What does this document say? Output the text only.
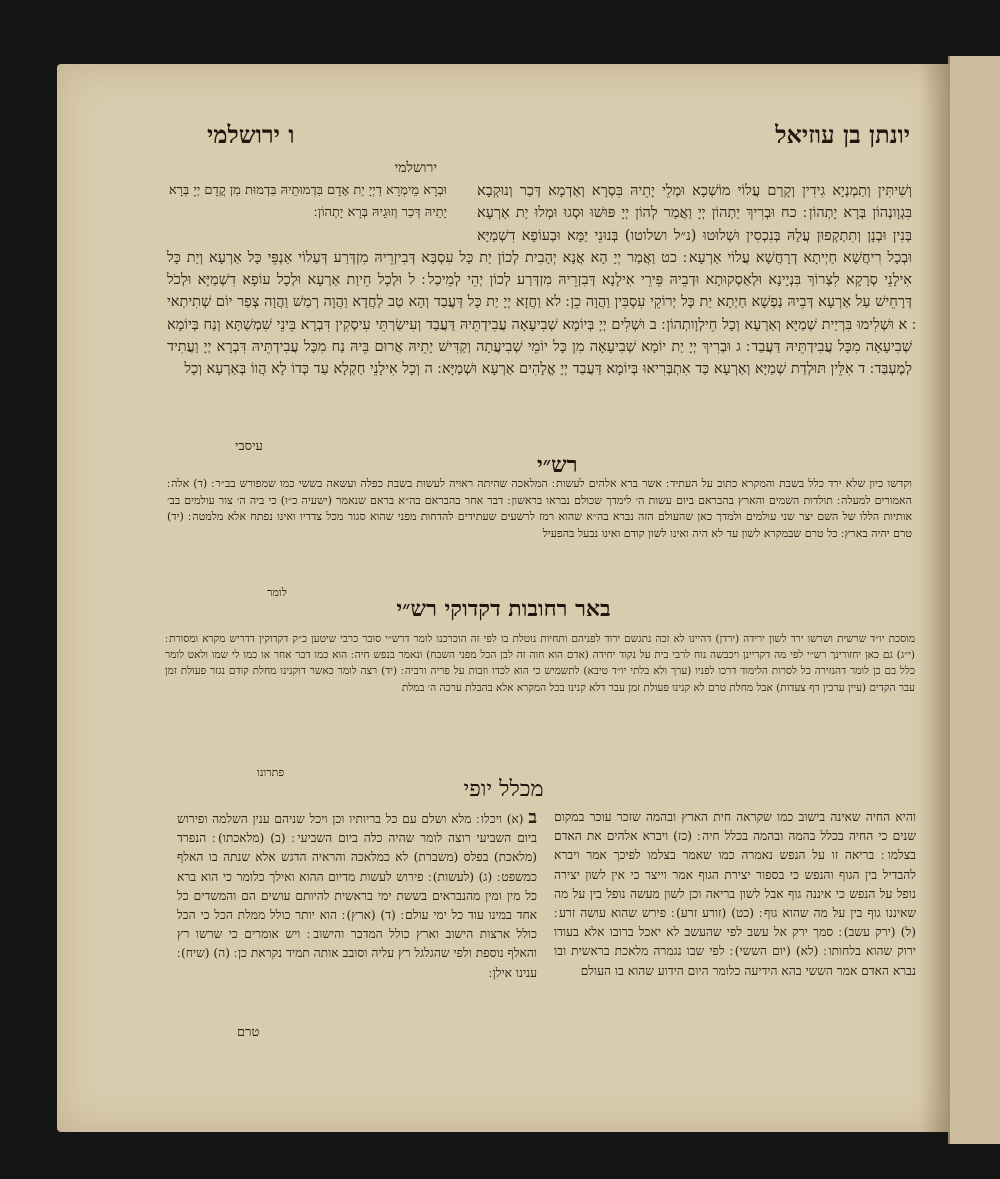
יונתן בן עוזיאל
ו ירושלמי
וְשִׁיתִּין וְתַמְנְיָא גִידִין וְקָרַם עֲלוֹי מוֹשְׁכָא וּמְלֵי יָתֵיהּ בִּסְרָא וְאַדְמָא דְּכַר וְנוּקְבָא בִּגְוָונְהוֹן בְּרָא יָתְהוֹן ׃ כח וּבְרִיךְ יַתְהוֹן יְיָ וַאֲמַר לְהוֹן יְיָ פּוּשׁוּ וּסְגוּ וּמְלוּ יַת אַרְעָא בְּנִין וּבְנָן וְתִתְקְפוּן עֲלָהּ בְּנִכְסִין וּשְׁלוּטוּ (נ״ל ושלוטו) בְּנוּנֵי יַמָּא וּבְעוֹפָא דִשְׁמַיָּא וּבְכָל רִיחֲשָׁא חַיְיתָא דְרָחֲשָׁא עֲלוֹי אַרְעָא ׃ כט וַאֲמַר יְיָ הָא אֲנָא יְהָבִית לְכוֹן יַת כָּל עִסְבָּא דְּבִיזְרֵיהּ מִזְדְּרַע דְּעַלוֹי אַנְפֵּי כָּל אַרְעָא וְיַת כָּל אִילָנֵי סְרָקָא לִצְרוֹךְ בִּנְיָינָא וּלְאַסְקוּתָא וּדְבֵיהּ פֵּירֵי אִילָנָא דְּבִזְרֵיהּ מִזְדְּרַע לְכוֹן יְהֵי לְמֵיכַל ׃ ל וּלְכָל חֵיוַת אַרְעָא וּלְכָל עוֹפָא דִשְׁמַיָּא וּלְכֹל דְּרָחֵישׁ עַל אַרְעָא דְּבֵיהּ נַפְשָׁא חַיְתָא יַת כָּל יְרוֹקֵי עִסְבִּין וַהֲוָה כֵן ׃ לא וַחֲזָא יְיָ יַת כָּל דַּעֲבַד וְהָא טַב לַחֲדָא וַהֲוָה רְמַשׁ וַהֲוָה צְפַר יוֹם שְׁתִיתַאי ׃ א וּשְׁלִימוּ בִּרְיַית שְׁמַיָּא וְאַרְעָא וְכָל חֵילְוָותְהוֹן ׃ ב וּשְׁלִים יְיָ בְּיוֹמָא שְׁבִיעָאָה עֲבִידְתֵּיהּ דַּעֲבַד וְעִישַׂרְתֵּי עִיסְקִין דִּבְרָא בֵּינֵי שִׁמְשַׁתָּא וְנַח בְּיוֹמָא שְׁבִיעָאָה מִכָּל עֲבִידְתֵּיהּ דַּעֲבַד ׃ ג וּבְרִיךְ יְיָ יַת יוֹמָא שְׁבִיעָאָה מִן כָּל יוֹמֵי שְׁבִיעֲתָה וְקַדִּישׁ יָתֵיהּ אֲרוּם בֵּיהּ נַח מִכָּל עֲבִידְתֵּיהּ דִּבְרָא יְיָ וַעֲתִיד לְמֶעְבַּד ׃ ד אִלֵּין תּוּלְדַת שְׁמַיָּא וְאַרְעָא כַּד אִתְבְּרִיאוּ בְּיוֹמָא דַּעֲבַד יְיָ אֱלָהִים אַרְעָא וּשְׁמַיָּא ׃ ה וְכָל אִילָנֵי חַקְלָא עַד כְּדוֹ לָא הֲווֹ בְּאַרְעָא וְכָל
עיסבי
רש״י
וקדשו כיון שלא ירד כלל בשבת והמקרא כתוב על העתיד ׃ אשר ברא אלהים לעשות ׃ המלאכה שהיתה ראויה לעשות בשבת כפלה ועשאה בששי כמו שמפורש בב״ר ׃ (ד) אלה ׃ האמורים למעלה ׃ תולדות השמים והארץ בהבראם ביום עשות ה׳ לימדך שכולם נבראו בראשון ׃ דבר אחר בהבראם בה״א בראם שנאמר (ישעיה כ״ו) כי ביה ה׳ צור עולמים בב׳ אותיות הללו של השם יצר שני עולמים ולמדך כאן שהעולם הזה נברא בה״א שהוא רמז לרשעים שעתידים להדחות מפני שהוא סגור מכל צדדיו ואינו נפתח אלא מלמטה ׃ (יד) טרם יהיה בארץ ׃ כל טרם שבמקרא לשון עד לא היה ואינו לשון קודם ואינו נבעל בהפעיל
לומר
באר רחובות דקדוקי רש״י
מוסכת יו״ד שרשית ושרשו ירד לשון ירידה (ירדן) דהיינו לא זכה נתגשם ירוד לפניהם ותחיות נוטלת בו לפי זה הוכרכנו לומר דרש״י סובר כרבי שיטען כ״ק דקדוקין דדריש מקרא ומסורת ׃ (י״ג) גם כאן יחזורינך רש״י לפי מה דקריינן ויכבשה נוח לרבי בית על נקוד יחידה (אדם הוא חוה זה לבן הכל מפני השבח) ונאמר בנפש חיה ׃ הוא כמו דבר אחר או כמו לי שמו ולאט לומר כלל בם כן לומר דהגזירה כל לסרות הלימוד דרכו לפניו (ערך ולא בלתי יו״ד טיבא) לתשמיש כי הוא לכדו וזבות על פריה ורביה ׃ (יד) רצה לומר כאשר דוקנינו מחלת קודם נגזר פעולת זמן עבר הקדים (עיין ערכין דף צעדות) אבל מחלת טרם לא קנינו פעולת זמן עבר דלא קנינו בכל המקרא אלא בהבלת ערכה ה׳ במלת
פתרונו
מכלל יופי
והיא החיה שאינה בישוב כמו שקראה חית הארץ ובהמה שזכר עוכר במקום שנים כי החיה בכלל בהמה ובהמה בכלל חיה ׃ (כז) ויברא אלהים את האדם בצלמו ׃ בריאה זו על הנפש נאמרה כמו שאמר בצלמו לפיכך אמר ויברא להבדיל בין הגוף והנפש כי בספור יצירת הגוף אמר וייצר כי אין לשון יצירה נופל על הנפש כי איננה גוף אבל לשון בריאה וכן לשון מעשה נופל בין על מה שאיננו גוף בין על מה שהוא גוף ׃ (כט) (זורע זרע) ׃ פירש שהוא עושה זרע ׃ (ל) (ירק עשב) ׃ סמך ירק אל עשב לפי שהעשב לא יאכל ברובו אלא בעודו ירוק שהוא בלחותו ׃ (לא) (יום הששי) ׃ לפי שבו נגמרה מלאכת בראשית ובו נברא האדם אמר הששי בהא הידיעה כלומר היום הידוע שהוא בו העולם
ב (א) ויכלו ׃ מלא ושלם עם כל בריותיו וכן ויכל שניהם ענין השלמה ופירוש ביום השביעי רוצה לומר שהיה כלה ביום השביעי ׃ (ב) (מלאכתו) ׃ הנפרד (מלאכת) בפלס (משברת) לא כמלאכה והראיה הדגש אלא שנתה בו האלף כמשפט ׃ (ג) (לעשות) ׃ פירוש לעשות מדיום ההוא ואילך כלומר כי הוא ברא כל מין ומין מהנבראים בששת ימי בראשית להיותם עושים הם והמשדים כל אחד במינו עוד כל ימי עולם ׃ (ד) (ארץ) ׃ הוא יותר כולל ממלת הכל כי הכל כולל ארצות הישוב וארץ כולל המדבר והישוב ׃ ויש אומרים כי שרשו רץ והאלף נוספת ולפי שהגלגל רץ עליה וסובב אותה תמיד נקראת כן ׃ (ה) (שיח) ׃ ענינו אילן ׃
טרם
ירושלמי
וּבְרָא מֵימְרָא דַיְיָ יַת אָדָם בִּדְמוּתֵיהּ בִּדְמוּת מִן קֳדָם יְיָ בְּרָא יָתֵיהּ דְּכַר וְזוּגֵיהּ בְּרָא יָתְהוֹן ׃
